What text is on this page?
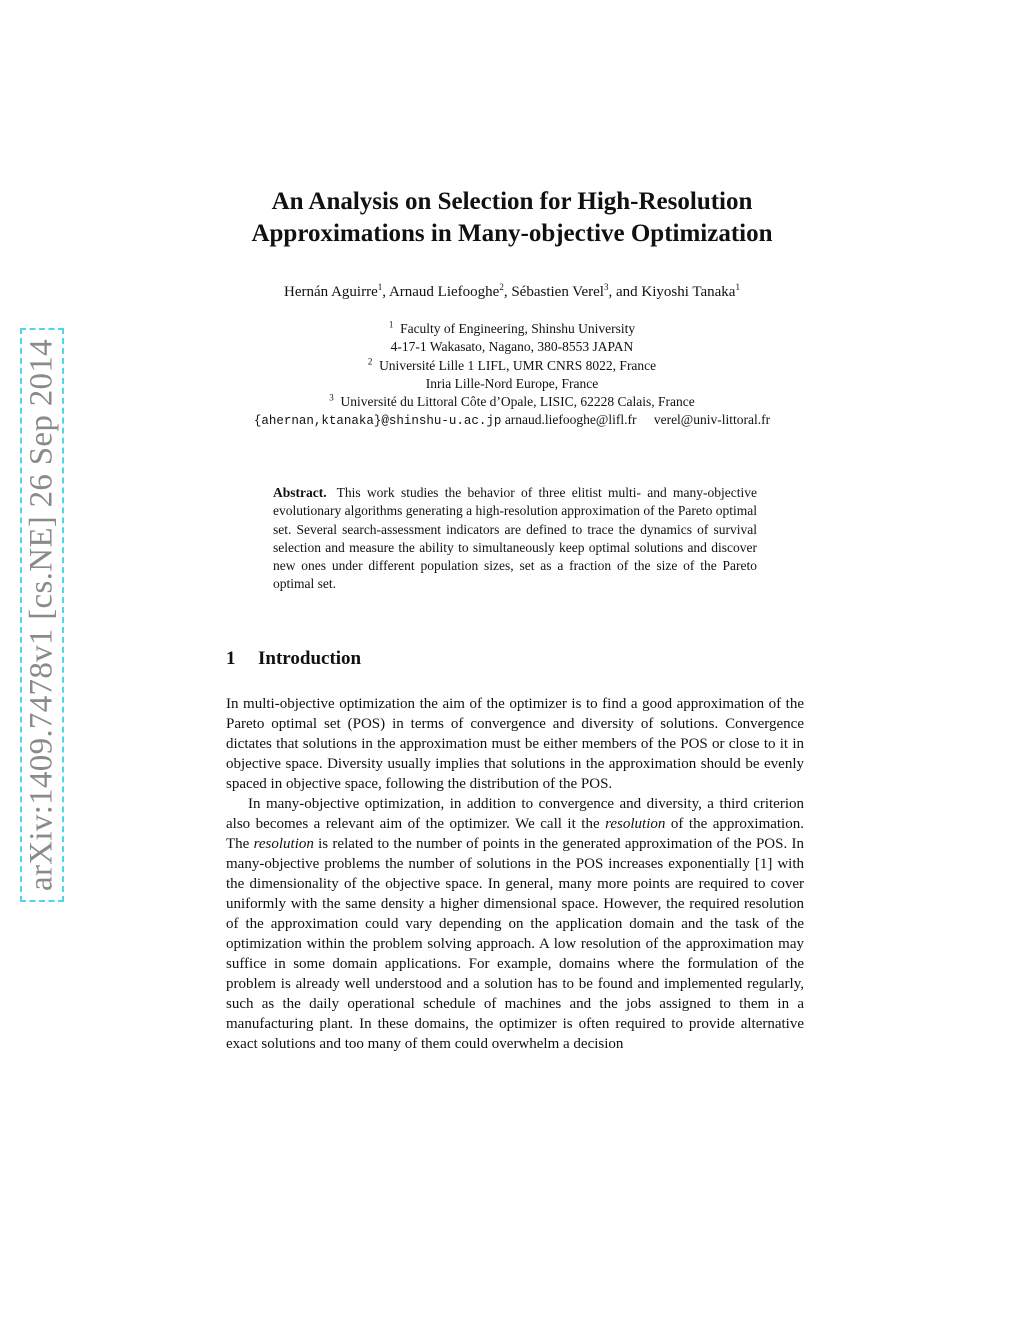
arXiv:1409.7478v1 [cs.NE] 26 Sep 2014
An Analysis on Selection for High-Resolution
Approximations in Many-objective Optimization
Hernán Aguirre$^1$, Arnaud Liefooghe$^2$, Sébastien Verel$^3$, and Kiyoshi Tanaka$^1$
$^1$ Faculty of Engineering, Shinshu University
4-17-1 Wakasato, Nagano, 380-8553 JAPAN
$^2$ Université Lille 1 LIFL, UMR CNRS 8022, France
Inria Lille-Nord Europe, France
$^3$ Université du Littoral Côte d’Opale, LISIC, 62228 Calais, France
{ahernan,ktanaka}@shinshu-u.ac.jp arnaud.liefooghe@lifl.fr verel@univ-littoral.fr
Abstract. This work studies the behavior of three elitist multi- and many-objective evolutionary algorithms generating a high-resolution approximation of the Pareto optimal set. Several search-assessment indicators are defined to trace the dynamics of survival selection and measure the ability to simultaneously keep optimal solutions and discover new ones under different population sizes, set as a fraction of the size of the Pareto optimal set.
1 Introduction

In multi-objective optimization the aim of the optimizer is to find a good approximation of the Pareto optimal set (POS) in terms of convergence and diversity of solutions. Convergence dictates that solutions in the approximation must be either members of the POS or close to it in objective space. Diversity usually implies that solutions in the approximation should be evenly spaced in objective space, following the distribution of the POS.

In many-objective optimization, in addition to convergence and diversity, a third criterion also becomes a relevant aim of the optimizer. We call it the resolution of the approximation. The resolution is related to the number of points in the generated approximation of the POS. In many-objective problems the number of solutions in the POS increases exponentially [1] with the dimensionality of the objective space. In general, many more points are required to cover uniformly with the same density a higher dimensional space. However, the required resolution of the approximation could vary depending on the application domain and the task of the optimization within the problem solving approach. A low resolution of the approximation may suffice in some domain applications. For example, domains where the formulation of the problem is already well understood and a solution has to be found and implemented regularly, such as the daily operational schedule of machines and the jobs assigned to them in a manufacturing plant. In these domains, the optimizer is often required to provide alternative exact solutions and too many of them could overwhelm a decision
